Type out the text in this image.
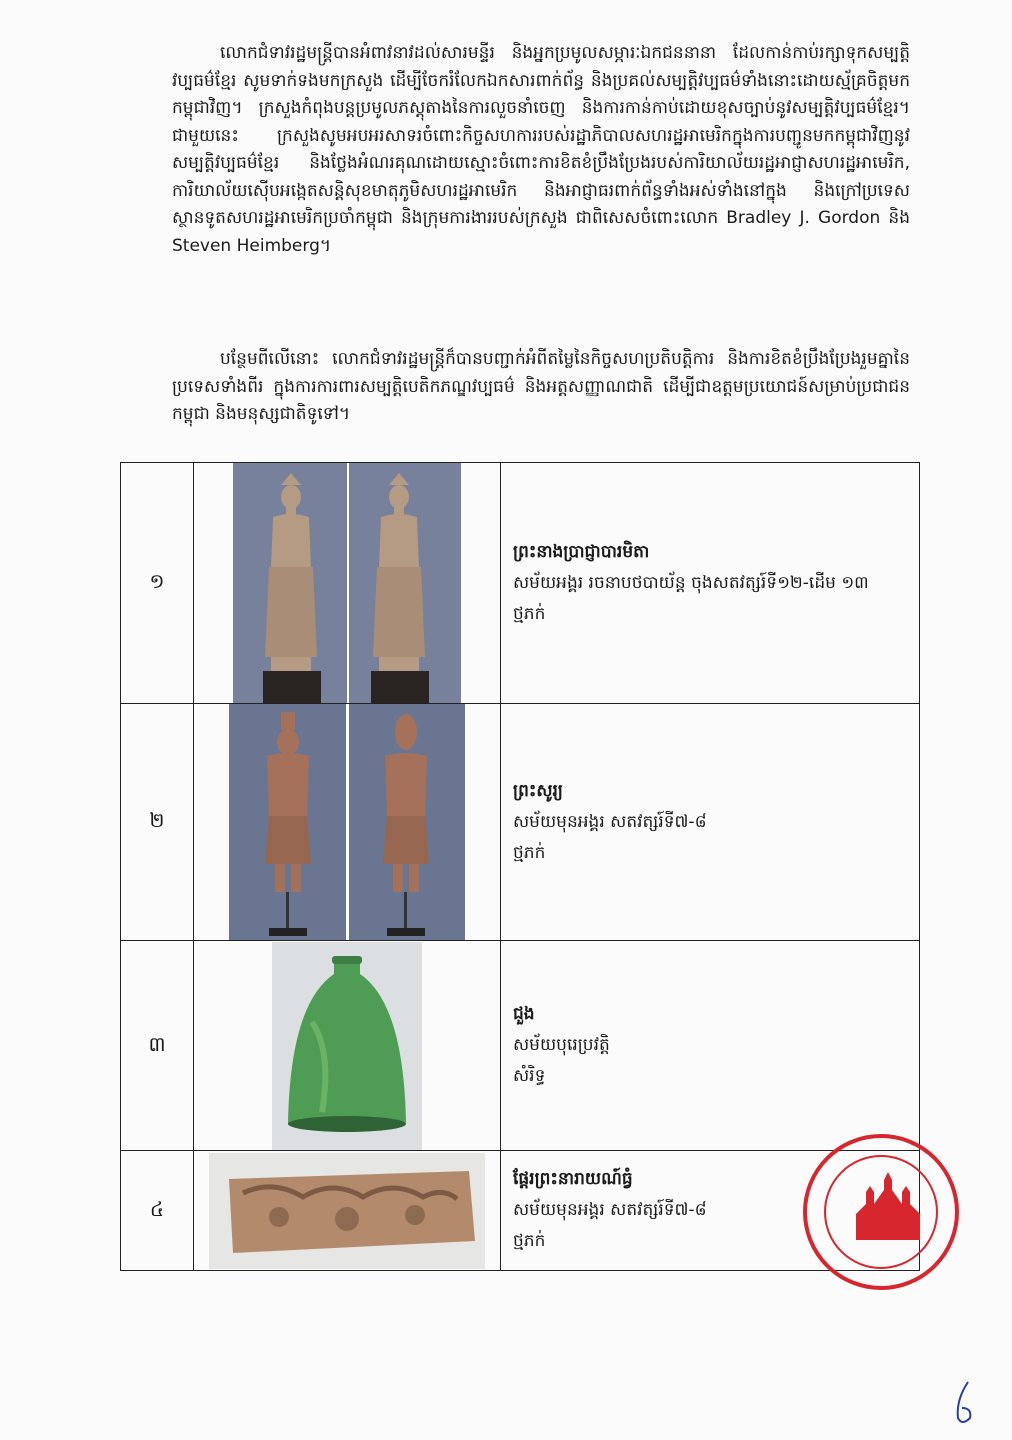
លោកជំទាវរដ្ឋមន្ត្រីបានអំពាវនាវដល់សារមន្ទីរ និងអ្នកប្រមូលសម្ភារៈឯកជននានា ដែលកាន់កាប់រក្សាទុកសម្បត្តិវប្បធម៌ខ្មែរ សូមទាក់ទងមកក្រសួង ដើម្បីចែករំលែកឯកសារពាក់ព័ន្ធ និងប្រគល់សម្បត្តិវប្បធម៌ទាំងនោះដោយស្ម័គ្រចិត្តមកកម្ពុជាវិញ។ ក្រសួងកំពុងបន្តប្រមូលភស្តុតាងនៃការលួចនាំចេញ និងការកាន់កាប់ដោយខុសច្បាប់នូវសម្បត្តិវប្បធម៌ខ្មែរ។ ជាមួយនេះ ក្រសួងសូមអបអរសាទរចំពោះកិច្ចសហការរបស់រដ្ឋាភិបាលសហរដ្ឋអាមេរិកក្នុងការបញ្ជូនមកកម្ពុជាវិញនូវសម្បត្តិវប្បធម៌ខ្មែរ និងថ្លែងអំណរគុណដោយស្មោះចំពោះការខិតខំប្រឹងប្រែងរបស់ការិយាល័យរដ្ឋអាជ្ញាសហរដ្ឋអាមេរិក, ការិយាល័យស៊ើបអង្កេតសន្តិសុខមាតុភូមិសហរដ្ឋអាមេរិក និងអាជ្ញាធរពាក់ព័ន្ធទាំងអស់ទាំងនៅក្នុង និងក្រៅប្រទេស ស្ថានទូតសហរដ្ឋអាមេរិកប្រចាំកម្ពុជា និងក្រុមការងាររបស់ក្រសួង ជាពិសេសចំពោះលោក Bradley J. Gordon និង Steven Heimberg។

បន្ថែមពីលើនោះ លោកជំទាវរដ្ឋមន្ត្រីក៏បានបញ្ជាក់អំពីតម្លៃនៃកិច្ចសហប្រតិបត្តិការ និងការខិតខំប្រឹងប្រែងរួមគ្នានៃប្រទេសទាំងពីរ ក្នុងការការពារសម្បត្តិបេតិកភណ្ឌវប្បធម៌ និងអត្តសញ្ញាណជាតិ ដើម្បីជាឧត្តមប្រយោជន៍សម្រាប់ប្រជាជនកម្ពុជា និងមនុស្សជាតិទូទៅ។

១		ព្រះនាងប្រាជ្ញាបារមិតា
សម័យអង្គរ រចនាបថបាយ័ន្ត ចុងសតវត្សរ៍ទី១២-ដើម ១៣
ថ្មភក់

២		ព្រះសូរ្យ
សម័យមុនអង្គរ សតវត្សរ៍ទី៧-៨
ថ្មភក់

៣		ជួង
សម័យបុរេប្រវត្តិ
សំរិទ្ធ

៤		ផ្តែរព្រះនារាយណ៍ធ្វំ
សម័យមុនអង្គរ សតវត្សរ៍ទី៧-៨
ថ្មភក់
